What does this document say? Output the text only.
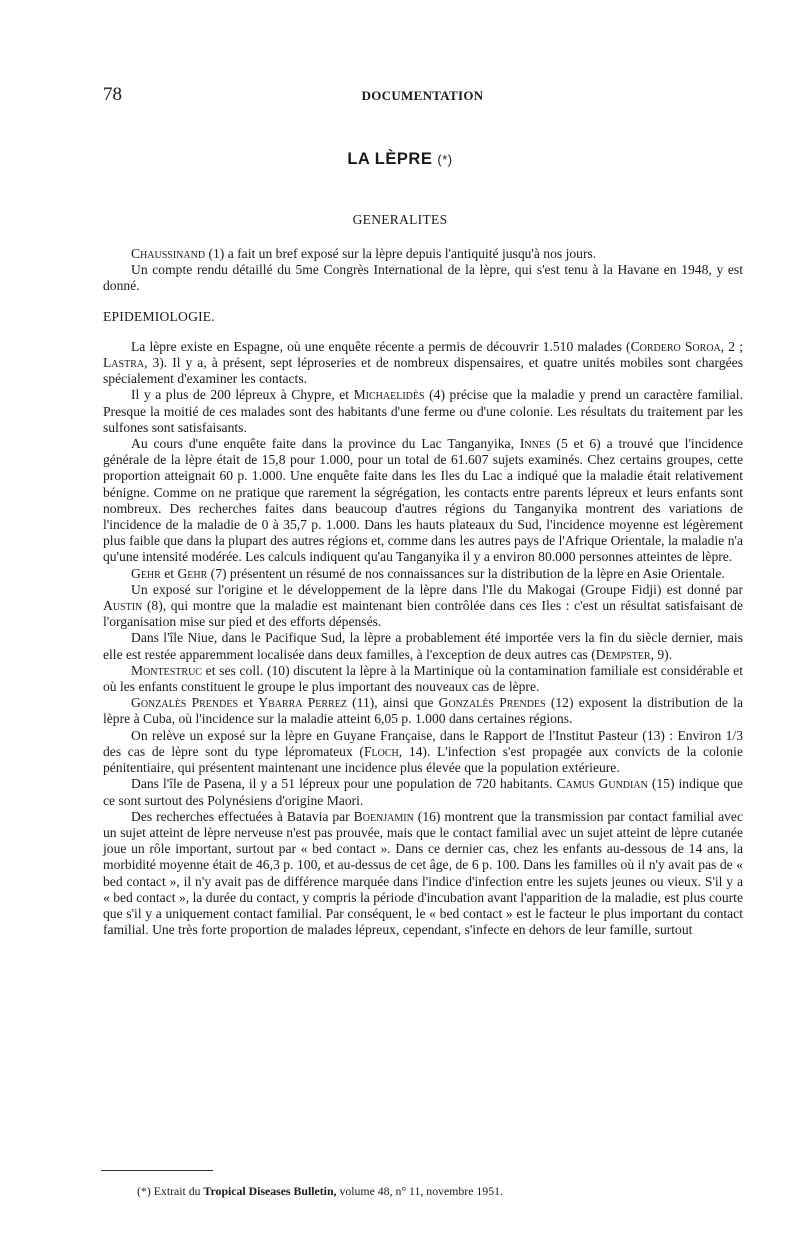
78	DOCUMENTATION
LA LÈPRE (*)
GENERALITES

Chaussinand (1) a fait un bref exposé sur la lèpre depuis l'antiquité jusqu'à nos jours.

Un compte rendu détaillé du 5me Congrès International de la lèpre, qui s'est tenu à la Havane en 1948, y est donné.

EPIDEMIOLOGIE.

La lèpre existe en Espagne, où une enquête récente a permis de découvrir 1.510 malades (Cordero Soroa, 2 ; Lastra, 3). Il y a, à présent, sept léproseries et de nombreux dispensaires, et quatre unités mobiles sont chargées spécialement d'examiner les contacts.

Il y a plus de 200 lépreux à Chypre, et Michaelidès (4) précise que la maladie y prend un caractère familial. Presque la moitié de ces malades sont des habitants d'une ferme ou d'une colonie. Les résultats du traitement par les sulfones sont satisfaisants.

Au cours d'une enquête faite dans la province du Lac Tanganyika, Innes (5 et 6) a trouvé que l'incidence générale de la lèpre était de 15,8 pour 1.000, pour un total de 61.607 sujets examinés. Chez certains groupes, cette proportion atteignait 60 p. 1.000. Une enquête faite dans les Iles du Lac a indiqué que la maladie était relativement bénigne. Comme on ne pratique que rarement la ségrégation, les contacts entre parents lépreux et leurs enfants sont nombreux. Des recherches faites dans beaucoup d'autres régions du Tanganyika montrent des variations de l'incidence de la maladie de 0 à 35,7 p. 1.000. Dans les hauts plateaux du Sud, l'incidence moyenne est légèrement plus faible que dans la plupart des autres régions et, comme dans les autres pays de l'Afrique Orientale, la maladie n'a qu'une intensité modérée. Les calculs indiquent qu'au Tanganyika il y a environ 80.000 personnes atteintes de lèpre.

Gehr et Gehr (7) présentent un résumé de nos connaissances sur la distribution de la lèpre en Asie Orientale.

Un exposé sur l'origine et le développement de la lèpre dans l'Ile du Makogai (Groupe Fidji) est donné par Austin (8), qui montre que la maladie est maintenant bien contrôlée dans ces Iles : c'est un résultat satisfaisant de l'organisation mise sur pied et des efforts dépensés.

Dans l'île Niue, dans le Pacifique Sud, la lèpre a probablement été importée vers la fin du siècle dernier, mais elle est restée apparemment localisée dans deux familles, à l'exception de deux autres cas (Dempster, 9).

Montestruc et ses coll. (10) discutent la lèpre à la Martinique où la contamination familiale est considérable et où les enfants constituent le groupe le plus important des nouveaux cas de lèpre.

Gonzalès Prendes et Ybarra Perrez (11), ainsi que Gonzalès Prendes (12) exposent la distribution de la lèpre à Cuba, où l'incidence sur la maladie atteint 6,05 p. 1.000 dans certaines régions.

On relève un exposé sur la lèpre en Guyane Française, dans le Rapport de l'Institut Pasteur (13) : Environ 1/3 des cas de lèpre sont du type lépromateux (Floch, 14). L'infection s'est propagée aux convicts de la colonie pénitentiaire, qui présentent maintenant une incidence plus élevée que la population extérieure.

Dans l'île de Pasena, il y a 51 lépreux pour une population de 720 habitants. Camus Gundian (15) indique que ce sont surtout des Polynésiens d'origine Maori.

Des recherches effectuées à Batavia par Boenjamin (16) montrent que la transmission par contact familial avec un sujet atteint de lèpre nerveuse n'est pas prouvée, mais que le contact familial avec un sujet atteint de lèpre cutanée joue un rôle important, surtout par « bed contact ». Dans ce dernier cas, chez les enfants au-dessous de 14 ans, la morbidité moyenne était de 46,3 p. 100, et au-dessus de cet âge, de 6 p. 100. Dans les familles où il n'y avait pas de « bed contact », il n'y avait pas de différence marquée dans l'indice d'infection entre les sujets jeunes ou vieux. S'il y a « bed contact », la durée du contact, y compris la période d'incubation avant l'apparition de la maladie, est plus courte que s'il y a uniquement contact familial. Par conséquent, le « bed contact » est le facteur le plus important du contact familial. Une très forte proportion de malades lépreux, cependant, s'infecte en dehors de leur famille, surtout

(*) Extrait du Tropical Diseases Bulletin, volume 48, n° 11, novembre 1951.
